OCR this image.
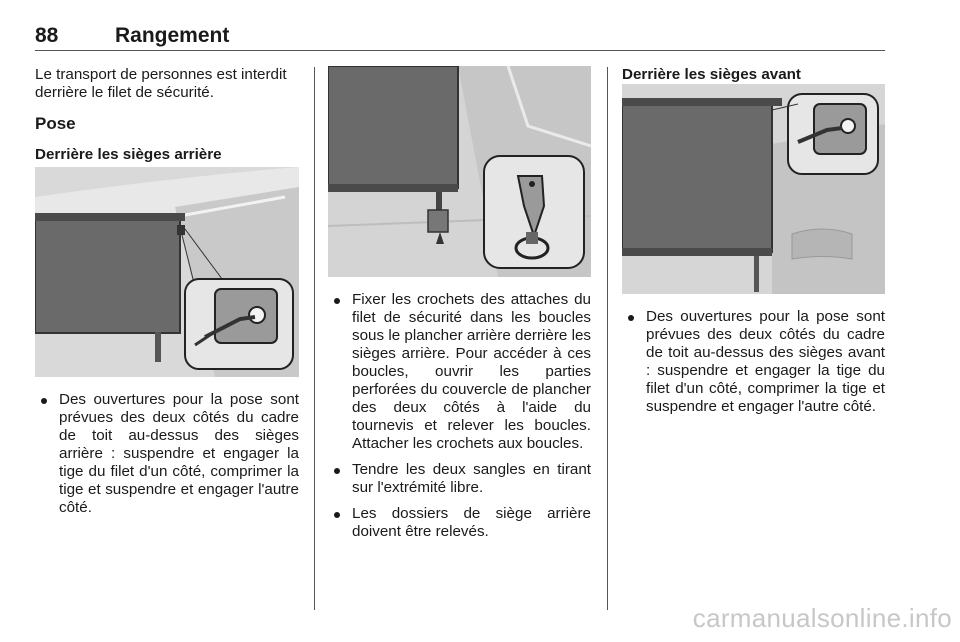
88	Rangement

Le transport de personnes est interdit derrière le filet de sécurité.

Pose
Derrière les sièges arrière
Des ouvertures pour la pose sont prévues des deux côtés du cadre de toit au-dessus des sièges arrière : suspendre et engager la tige du filet d'un côté, comprimer la tige et suspendre et engager l'autre côté.
Fixer les crochets des attaches du filet de sécurité dans les boucles sous le plancher arrière derrière les sièges arrière. Pour accéder à ces boucles, ouvrir les parties perforées du couvercle de plancher des deux côtés à l'aide du tournevis et relever les boucles. Attacher les crochets aux boucles.
Tendre les deux sangles en tirant sur l'extrémité libre.
Les dossiers de siège arrière doivent être relevés.
Derrière les sièges avant
Des ouvertures pour la pose sont prévues des deux côtés du cadre de toit au-dessus des sièges avant : suspendre et engager la tige du filet d'un côté, comprimer la tige et suspendre et engager l'autre côté.
carmanualsonline.info
